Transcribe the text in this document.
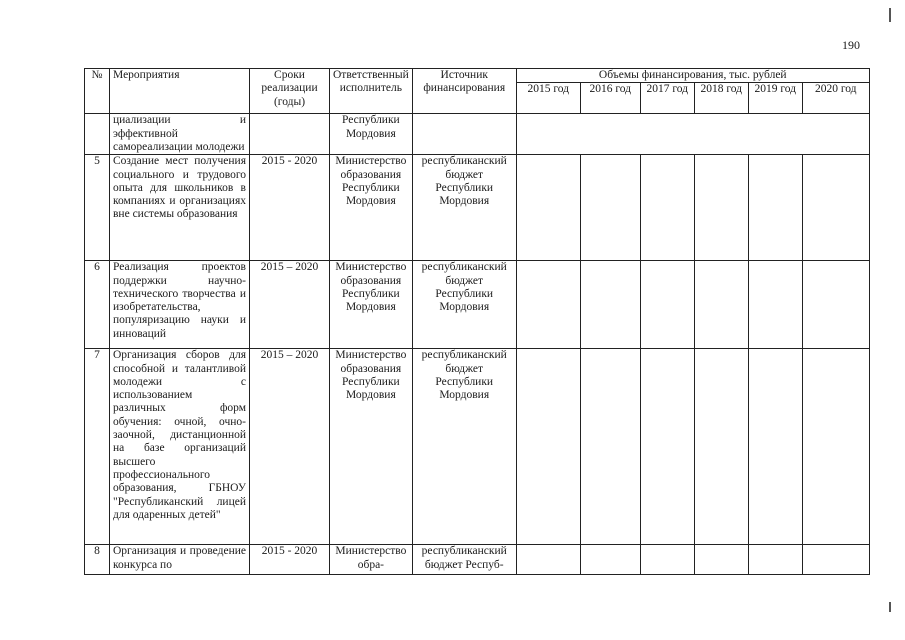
190
№	Мероприятия	Сроки реализации (годы)	Ответственный исполнитель	Источник финансирования	Объемы финансирования, тыс. рублей					
					2015 год	2016 год	2017 год	2018 год	2019 год	2020 год
	циализации и эффективной самореализации молодежи		Республики Мордовия							
5	Создание мест получения социального и трудового опыта для школьников в компаниях и организациях вне системы образования	2015 - 2020	Министерство образования Республики Мордовия	республиканский бюджет Республики Мордовия						
6	Реализация проектов поддержки научно-технического творчества и изобретательства, популяризацию науки и инноваций	2015 – 2020	Министерство образования Республики Мордовия	республиканский бюджет Республики Мордовия						
7	Организация сборов для способной и талантливой молодежи с использованием различных форм обучения: очной, очно-заочной, дистанционной на базе организаций высшего профессионального образования, ГБНОУ "Республиканский лицей для одаренных детей"	2015 – 2020	Министерство образования Республики Мордовия	республиканский бюджет Республики Мордовия						
8	Организация и проведение конкурса по	2015 - 2020	Министерство обра-	республиканский бюджет Респуб-						
